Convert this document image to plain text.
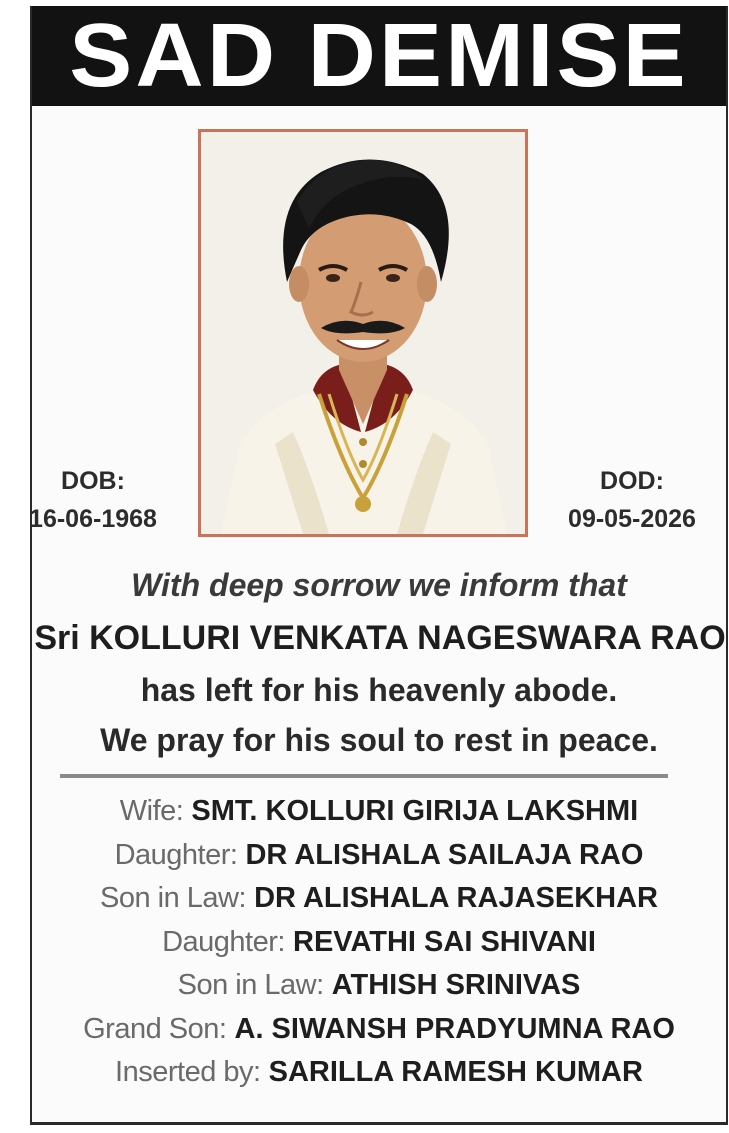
SAD DEMISE
DOB:
16-06-1968
DOD:
09-05-2026
With deep sorrow we inform that
Sri KOLLURI VENKATA NAGESWARA RAO
has left for his heavenly abode.
We pray for his soul to rest in peace.
Wife: SMT. KOLLURI GIRIJA LAKSHMI
Daughter: DR ALISHALA SAILAJA RAO
Son in Law: DR ALISHALA RAJASEKHAR
Daughter: REVATHI SAI SHIVANI
Son in Law: ATHISH SRINIVAS
Grand Son: A. SIWANSH PRADYUMNA RAO
Inserted by: SARILLA RAMESH KUMAR
